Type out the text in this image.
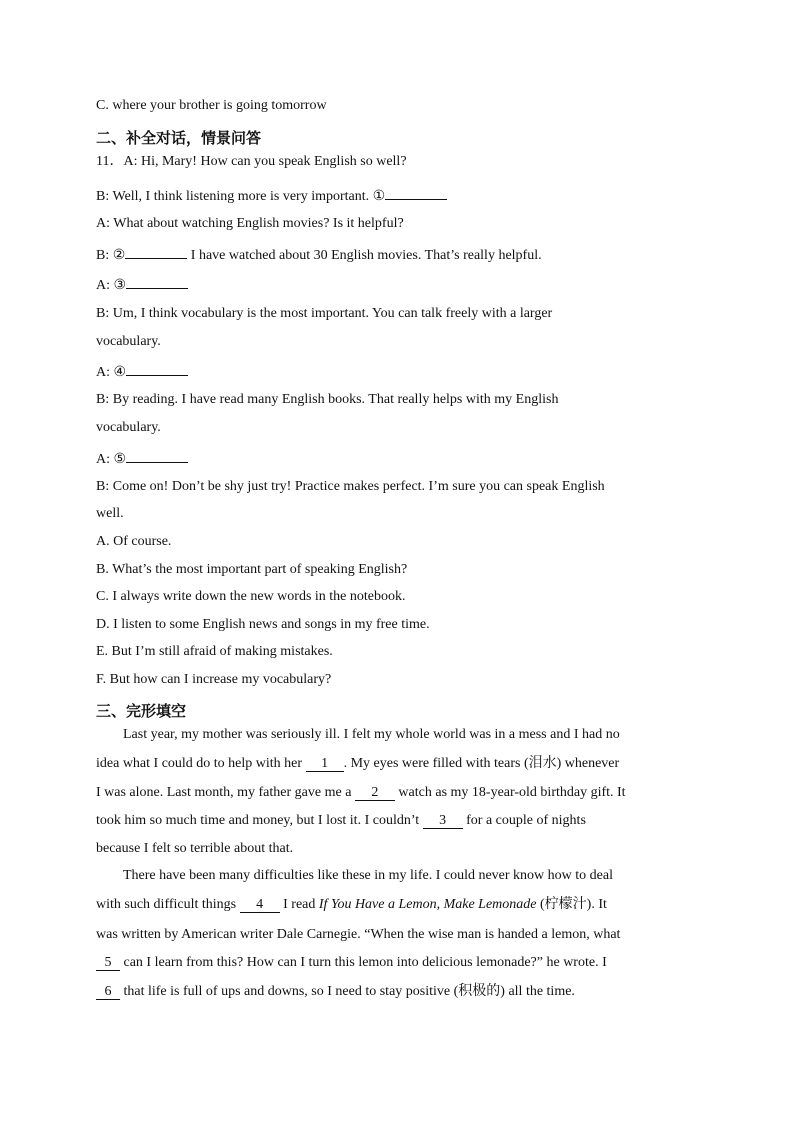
C. where your brother is going tomorrow
二、补全对话，情景问答
11．A: Hi, Mary! How can you speak English so well?
B: Well, I think listening more is very important. ①
A: What about watching English movies? Is it helpful?
B: ②	I have watched about 30 English movies. That’s really helpful.
A: ③
B: Um, I think vocabulary is the most important. You can talk freely with a larger
vocabulary.
A: ④
B: By reading. I have read many English books. That really helps with my English
vocabulary.
A: ⑤
B: Come on! Don’t be shy just try! Practice makes perfect. I’m sure you can speak English
well.
A. Of course.
B. What’s the most important part of speaking English?
C. I always write down the new words in the notebook.
D. I listen to some English news and songs in my free time.
E. But I’m still afraid of making mistakes.
F. But how can I increase my vocabulary?
三、完形填空
Last year, my mother was seriously ill. I felt my whole world was in a mess and I had no
idea what I could do to help with her 1 . My eyes were filled with tears (泪水) whenever
I was alone. Last month, my father gave me a 2 watch as my 18-year-old birthday gift. It
took him so much time and money, but I lost it. I couldn’t 3 for a couple of nights
because I felt so terrible about that.
There have been many difficulties like these in my life. I could never know how to deal
with such difficult things 4 I read If You Have a Lemon, Make Lemonade (柠檬汁). It
was written by American writer Dale Carnegie. “When the wise man is handed a lemon, what
5 can I learn from this? How can I turn this lemon into delicious lemonade?” he wrote. I
6 that life is full of ups and downs, so I need to stay positive (积极的) all the time.
